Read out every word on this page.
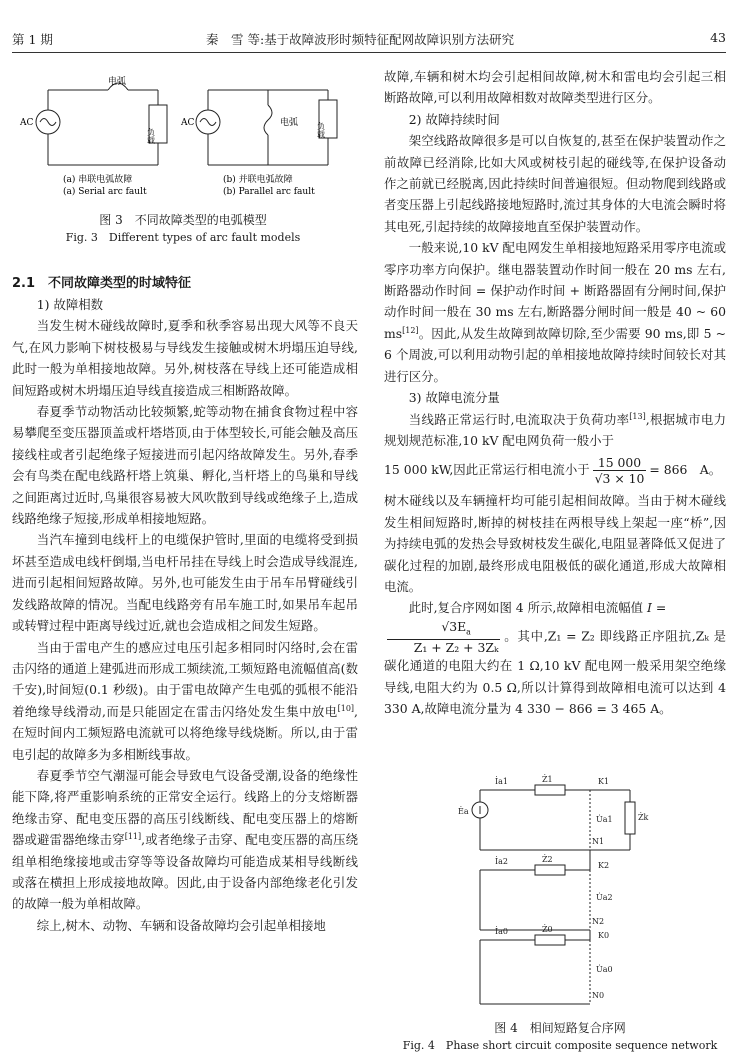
第 1 期	秦　雪 等:基于故障波形时频特征配网故障识别方法研究	43
电弧
AC
负载
AC	电弧 负载
(a) 串联电弧故障
(a) Serial arc fault
(b) 并联电弧故障
(b) Parallel arc fault
图 3　不同故障类型的电弧模型
Fig. 3　Different types of arc fault models
2.1　不同故障类型的时域特征

1) 故障相数

当发生树木碰线故障时,夏季和秋季容易出现大风等不良天气,在风力影响下树枝极易与导线发生接触或树木坍塌压迫导线,此时一般为单相接地故障。另外,树枝落在导线上还可能造成相间短路或树木坍塌压迫导线直接造成三相断路故障。

春夏季节动物活动比较频繁,蛇等动物在捕食食物过程中容易攀爬至变压器顶盖或杆塔塔顶,由于体型较长,可能会触及高压接线柱或者引起绝缘子短接进而引起闪络故障发生。另外,春季会有鸟类在配电线路杆塔上筑巢、孵化,当杆塔上的鸟巢和导线之间距离过近时,鸟巢很容易被大风吹散到导线或绝缘子上,造成线路绝缘子短接,形成单相接地短路。

当汽车撞到电线杆上的电缆保护管时,里面的电缆将受到损坏甚至造成电线杆倒塌,当电杆吊挂在导线上时会造成导线混连,进而引起相间短路故障。另外,也可能发生由于吊车吊臂碰线引发线路故障的情况。当配电线路旁有吊车施工时,如果吊车起吊或转臂过程中距离导线过近,就也会造成相之间发生短路。

当由于雷电产生的感应过电压引起多相同时闪络时,会在雷击闪络的通道上建弧进而形成工频续流,工频短路电流幅值高(数千安),时间短(0.1 秒级)。由于雷电故障产生电弧的弧根不能沿着绝缘导线滑动,而是只能固定在雷击闪络处发生集中放电[10],在短时间内工频短路电流就可以将绝缘导线烧断。所以,由于雷电引起的故障多为多相断线事故。

春夏季节空气潮湿可能会导致电气设备受潮,设备的绝缘性能下降,将严重影响系统的正常安全运行。线路上的分支熔断器绝缘击穿、配电变压器的高压引线断线、配电变压器上的熔断器或避雷器绝缘击穿[11],或者绝缘子击穿、配电变压器的高压绕组单相绝缘接地或击穿等等设备故障均可能造成某相导线断线或落在横担上形成接地故障。因此,由于设备内部绝缘老化引发的故障一般为单相故障。

综上,树木、动物、车辆和设备故障均会引起单相接地

故障,车辆和树木均会引起相间故障,树木和雷电均会引起三相断路故障,可以利用故障相数对故障类型进行区分。

2) 故障持续时间

架空线路故障很多是可以自恢复的,甚至在保护装置动作之前故障已经消除,比如大风或树枝引起的碰线等,在保护设备动作之前就已经脱离,因此持续时间普遍很短。但动物爬到线路或者变压器上引起线路接地短路时,流过其身体的大电流会瞬时将其电死,引起持续的故障接地直至保护装置动作。

一般来说,10 kV 配电网发生单相接地短路采用零序电流或零序功率方向保护。继电器装置动作时间一般在 20 ms 左右,断路器动作时间 = 保护动作时间 + 断路器固有分闸时间,保护动作时间一般在 30 ms 左右,断路器分闸时间一般是 40 ~ 60 ms[12]。因此,从发生故障到故障切除,至少需要 90 ms,即 5 ~ 6 个周波,可以利用动物引起的单相接地故障持续时间较长对其进行区分。

3) 故障电流分量

当线路正常运行时,电流取决于负荷功率[13],根据城市电力规划规范标准,10 kV 配电网负荷一般小于

15 000 kW,因此正常运行相电流小于 $\frac{15 000}{√3 \times 10} = 866$　A。

树木碰线以及车辆撞杆均可能引起相间故障。当由于树木碰线发生相间短路时,断掉的树枝挂在两根导线上架起一座“桥”,因为持续电弧的发热会导致树枝发生碳化,电阻显著降低又促进了碳化过程的加剧,最终形成电阻极低的碳化通道,形成大故障相电流。

此时,复合序网如图 4 所示,故障相电流幅值 I =

$\frac{√3E_a}{\text{Z₁ + Z₂ + 3Zₖ}}$ 。其中,Z₁ = Z₂ 即线路正序阻抗,Zₖ 是碳化通道的电阻大约在 1 Ω,10 kV 配电网一般采用架空绝缘导线,电阻大约为 0.5 Ω,所以计算得到故障相电流可以达到 4 330 A,故障电流分量为 4 330 − 866 = 3 465 A。

İa1	Ż1	K1
Żk
Ėa
U̇a1
N1
İa2	Ż2
K2
U̇a2
N2
İa0	Ż0
K0
U̇a0
N0
图 4　相间短路复合序网
Fig. 4　Phase short circuit composite sequence network
